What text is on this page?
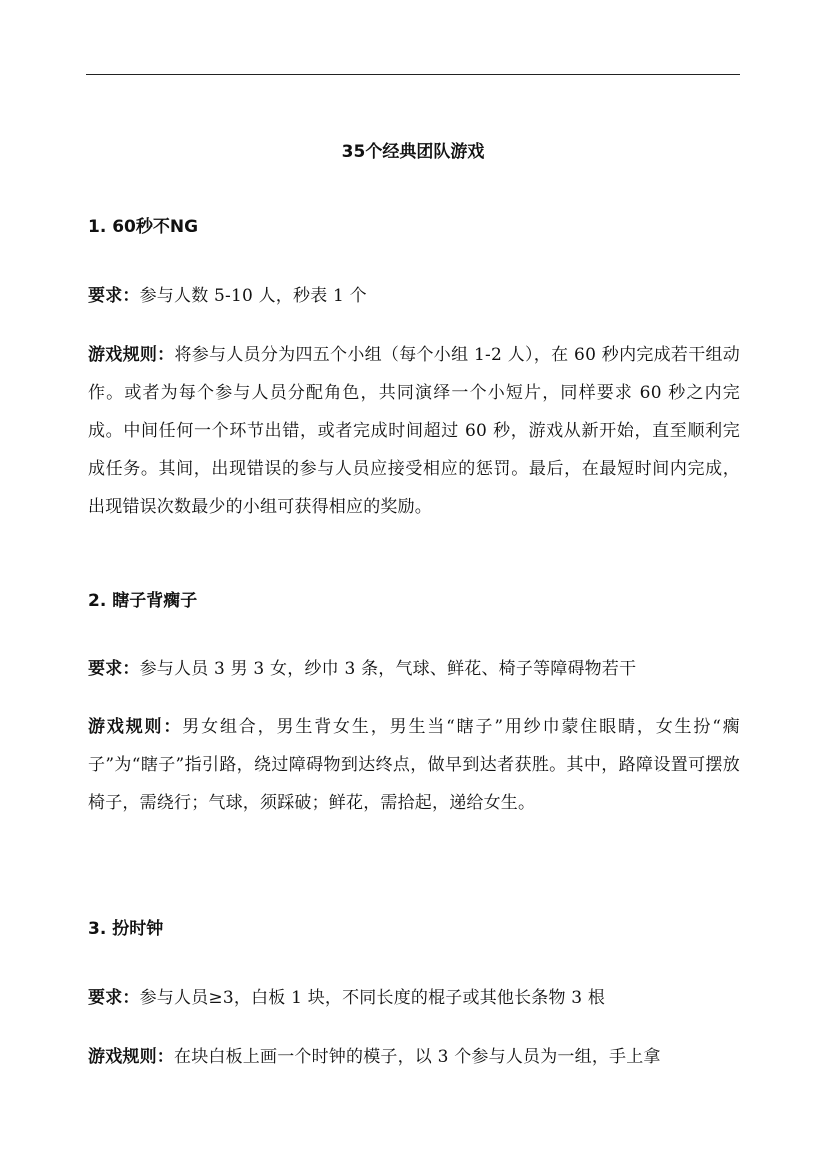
35个经典团队游戏
1. 60秒不NG
要求：参与人数 5-10 人，秒表 1 个
游戏规则：将参与人员分为四五个小组（每个小组 1-2 人），在 60 秒内完成若干组动作。或者为每个参与人员分配角色，共同演绎一个小短片，同样要求 60 秒之内完成。中间任何一个环节出错，或者完成时间超过 60 秒，游戏从新开始，直至顺利完成任务。其间，出现错误的参与人员应接受相应的惩罚。最后，在最短时间内完成，出现错误次数最少的小组可获得相应的奖励。
2. 瞎子背瘸子
要求：参与人员 3 男 3 女，纱巾 3 条，气球、鲜花、椅子等障碍物若干
游戏规则：男女组合，男生背女生，男生当“瞎子”用纱巾蒙住眼睛，女生扮“瘸子”为“瞎子”指引路，绕过障碍物到达终点，做早到达者获胜。其中，路障设置可摆放椅子，需绕行；气球，须踩破；鲜花，需拾起，递给女生。
3. 扮时钟
要求：参与人员≥3，白板 1 块，不同长度的棍子或其他长条物 3 根
游戏规则：在块白板上画一个时钟的模子，以 3 个参与人员为一组，手上拿
